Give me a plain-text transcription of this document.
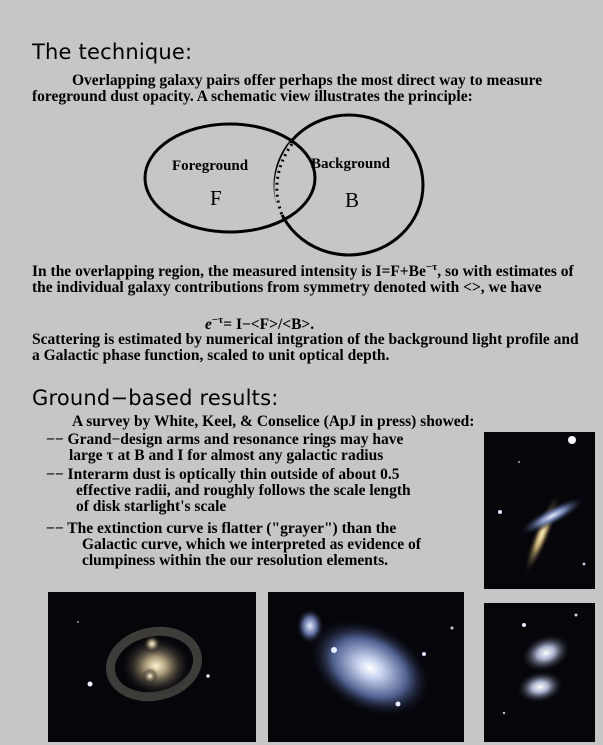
The technique:

Overlapping galaxy pairs offer perhaps the most direct way to measure foreground dust opacity. A schematic view illustrates the principle:

Foreground
F
Background
B

In the overlapping region, the measured intensity is $I=F+Be^{-\tau}$, so with estimates of the individual galaxy contributions from symmetry denoted with <>, we have

$e^{-\tau}= I-<F>/<B>$.

Scattering is estimated by numerical intgration of the background light profile and a Galactic phase function, scaled to unit optical depth.

Ground−based results:
A survey by White, Keel, & Conselice (ApJ in press) showed:
−− Grand−design arms and resonance rings may have
large τ at B and I for almost any galactic radius
−− Interarm dust is optically thin outside of about 0.5
effective radii, and roughly follows the scale length
of disk starlight's scale
−− The extinction curve is flatter ("grayer") than the
Galactic curve, which we interpreted as evidence of
clumpiness within the our resolution elements.
